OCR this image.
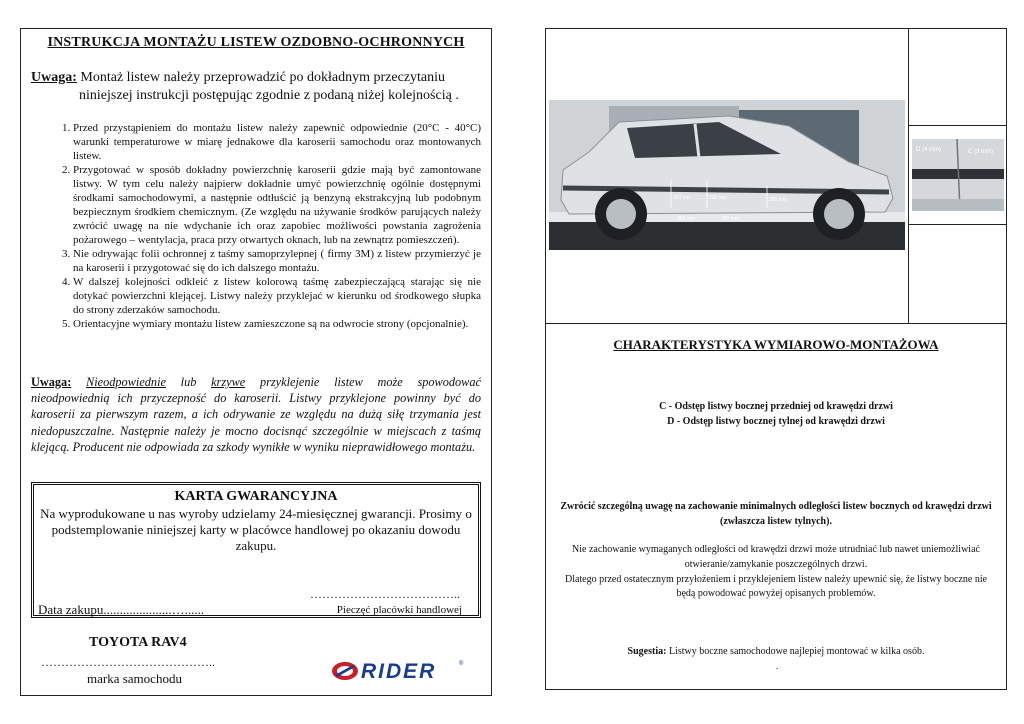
INSTRUKCJA MONTAŻU LISTEW OZDOBNO-OCHRONNYCH
Uwaga: Montaż listew należy przeprowadzić po dokładnym przeczytaniu
niniejszej instrukcji postępując zgodnie z podaną niżej kolejnością .
1. Przed przystąpieniem do montażu listew należy zapewnić odpowiednie (20°C - 40°C) warunki temperaturowe w miarę jednakowe dla karoserii samochodu oraz montowanych listew.
2. Przygotować w sposób dokładny powierzchnię karoserii gdzie mają być zamontowane listwy. W tym celu należy najpierw dokładnie umyć powierzchnię ogólnie dostępnymi środkami samochodowymi, a następnie odtłuścić ją benzyną ekstrakcyjną lub podobnym bezpiecznym środkiem chemicznym. (Ze względu na używanie środków parujących należy zwrócić uwagę na nie wdychanie ich oraz zapobiec możliwości powstania zagrożenia pożarowego – wentylacja, praca przy otwartych oknach, lub na zewnątrz pomieszczeń).
3. Nie odrywając folii ochronnej z taśmy samoprzylepnej ( firmy 3M) z listew przymierzyć je na karoserii i przygotować się do ich dalszego montażu.
4. W dalszej kolejności odkleić z listew kolorową taśmę zabezpieczającą starając się nie dotykać powierzchni klejącej. Listwy należy przyklejać w kierunku od środkowego słupka do strony zderzaków samochodu.
5. Orientacyjne wymiary montażu listew zamieszczone są na odwrocie strony (opcjonalnie).
Uwaga: Nieodpowiednie lub krzywe przyklejenie listew może spowodować nieodpowiednią ich przyczepność do karoserii. Listwy przyklejone powinny być do karoserii za pierwszym razem, a ich odrywanie ze względu na dużą siłę trzymania jest niedopuszczalne. Następnie należy je mocno docisnąć szczególnie w miejscach z taśmą klejącą. Producent nie odpowiada za szkody wynikłe w wyniku nieprawidłowego montażu.
KARTA GWARANCYJNA
Na wyprodukowane u nas wyroby udzielamy 24-miesięcznej gwarancji. Prosimy o podstemplowanie niniejszej karty w placówce handlowej po okazaniu dowodu zakupu.
………………………………..
Data zakupu.....................…......	Pieczęć placówki handlowej
TOYOTA RAV4
……………………………………..
marka samochodu	RIDER	®
303 mm	298 mm	280 mm
300 mm	700 mm
D (4 mm)	C (3 mm)
CHARAKTERYSTYKA WYMIAROWO-MONTAŻOWA
C - Odstęp listwy bocznej przedniej od krawędzi drzwi
D - Odstęp listwy bocznej tylnej od krawędzi drzwi
Zwrócić szczególną uwagę na zachowanie minimalnych odległości listew bocznych od krawędzi drzwi (zwłaszcza listew tylnych).
Nie zachowanie wymaganych odległości od krawędzi drzwi może utrudniać lub nawet uniemożliwiać otwieranie/zamykanie poszczególnych drzwi.
Dlatego przed ostatecznym przyłożeniem i przyklejeniem listew należy upewnić się, że listwy boczne nie będą powodować powyżej opisanych problemów.
Sugestia: Listwy boczne samochodowe najlepiej montować w kilka osób.
.
